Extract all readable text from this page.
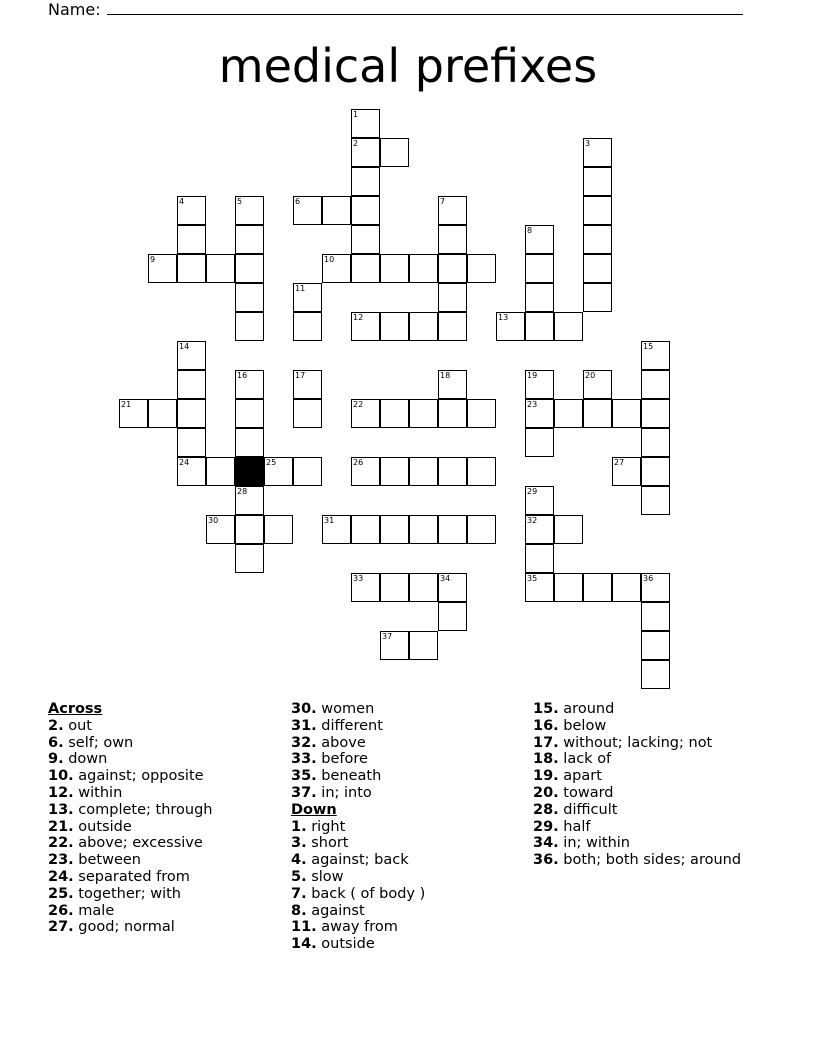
Name:
medical prefixes
1
2	3
4	5	6	7
8
9	10
11
12	13
14	15
16	17	18	19	20
21	22	23
24	25	26	27
28	29
30	31	32
33	34	35	36
37
Across
2. out
6. self; own
9. down
10. against; opposite
12. within
13. complete; through
21. outside
22. above; excessive
23. between
24. separated from
25. together; with
26. male
27. good; normal
30. women
31. different
32. above
33. before
35. beneath
37. in; into
Down
1. right
3. short
4. against; back
5. slow
7. back ( of body )
8. against
11. away from
14. outside
15. around
16. below
17. without; lacking; not
18. lack of
19. apart
20. toward
28. difficult
29. half
34. in; within
36. both; both sides; around
